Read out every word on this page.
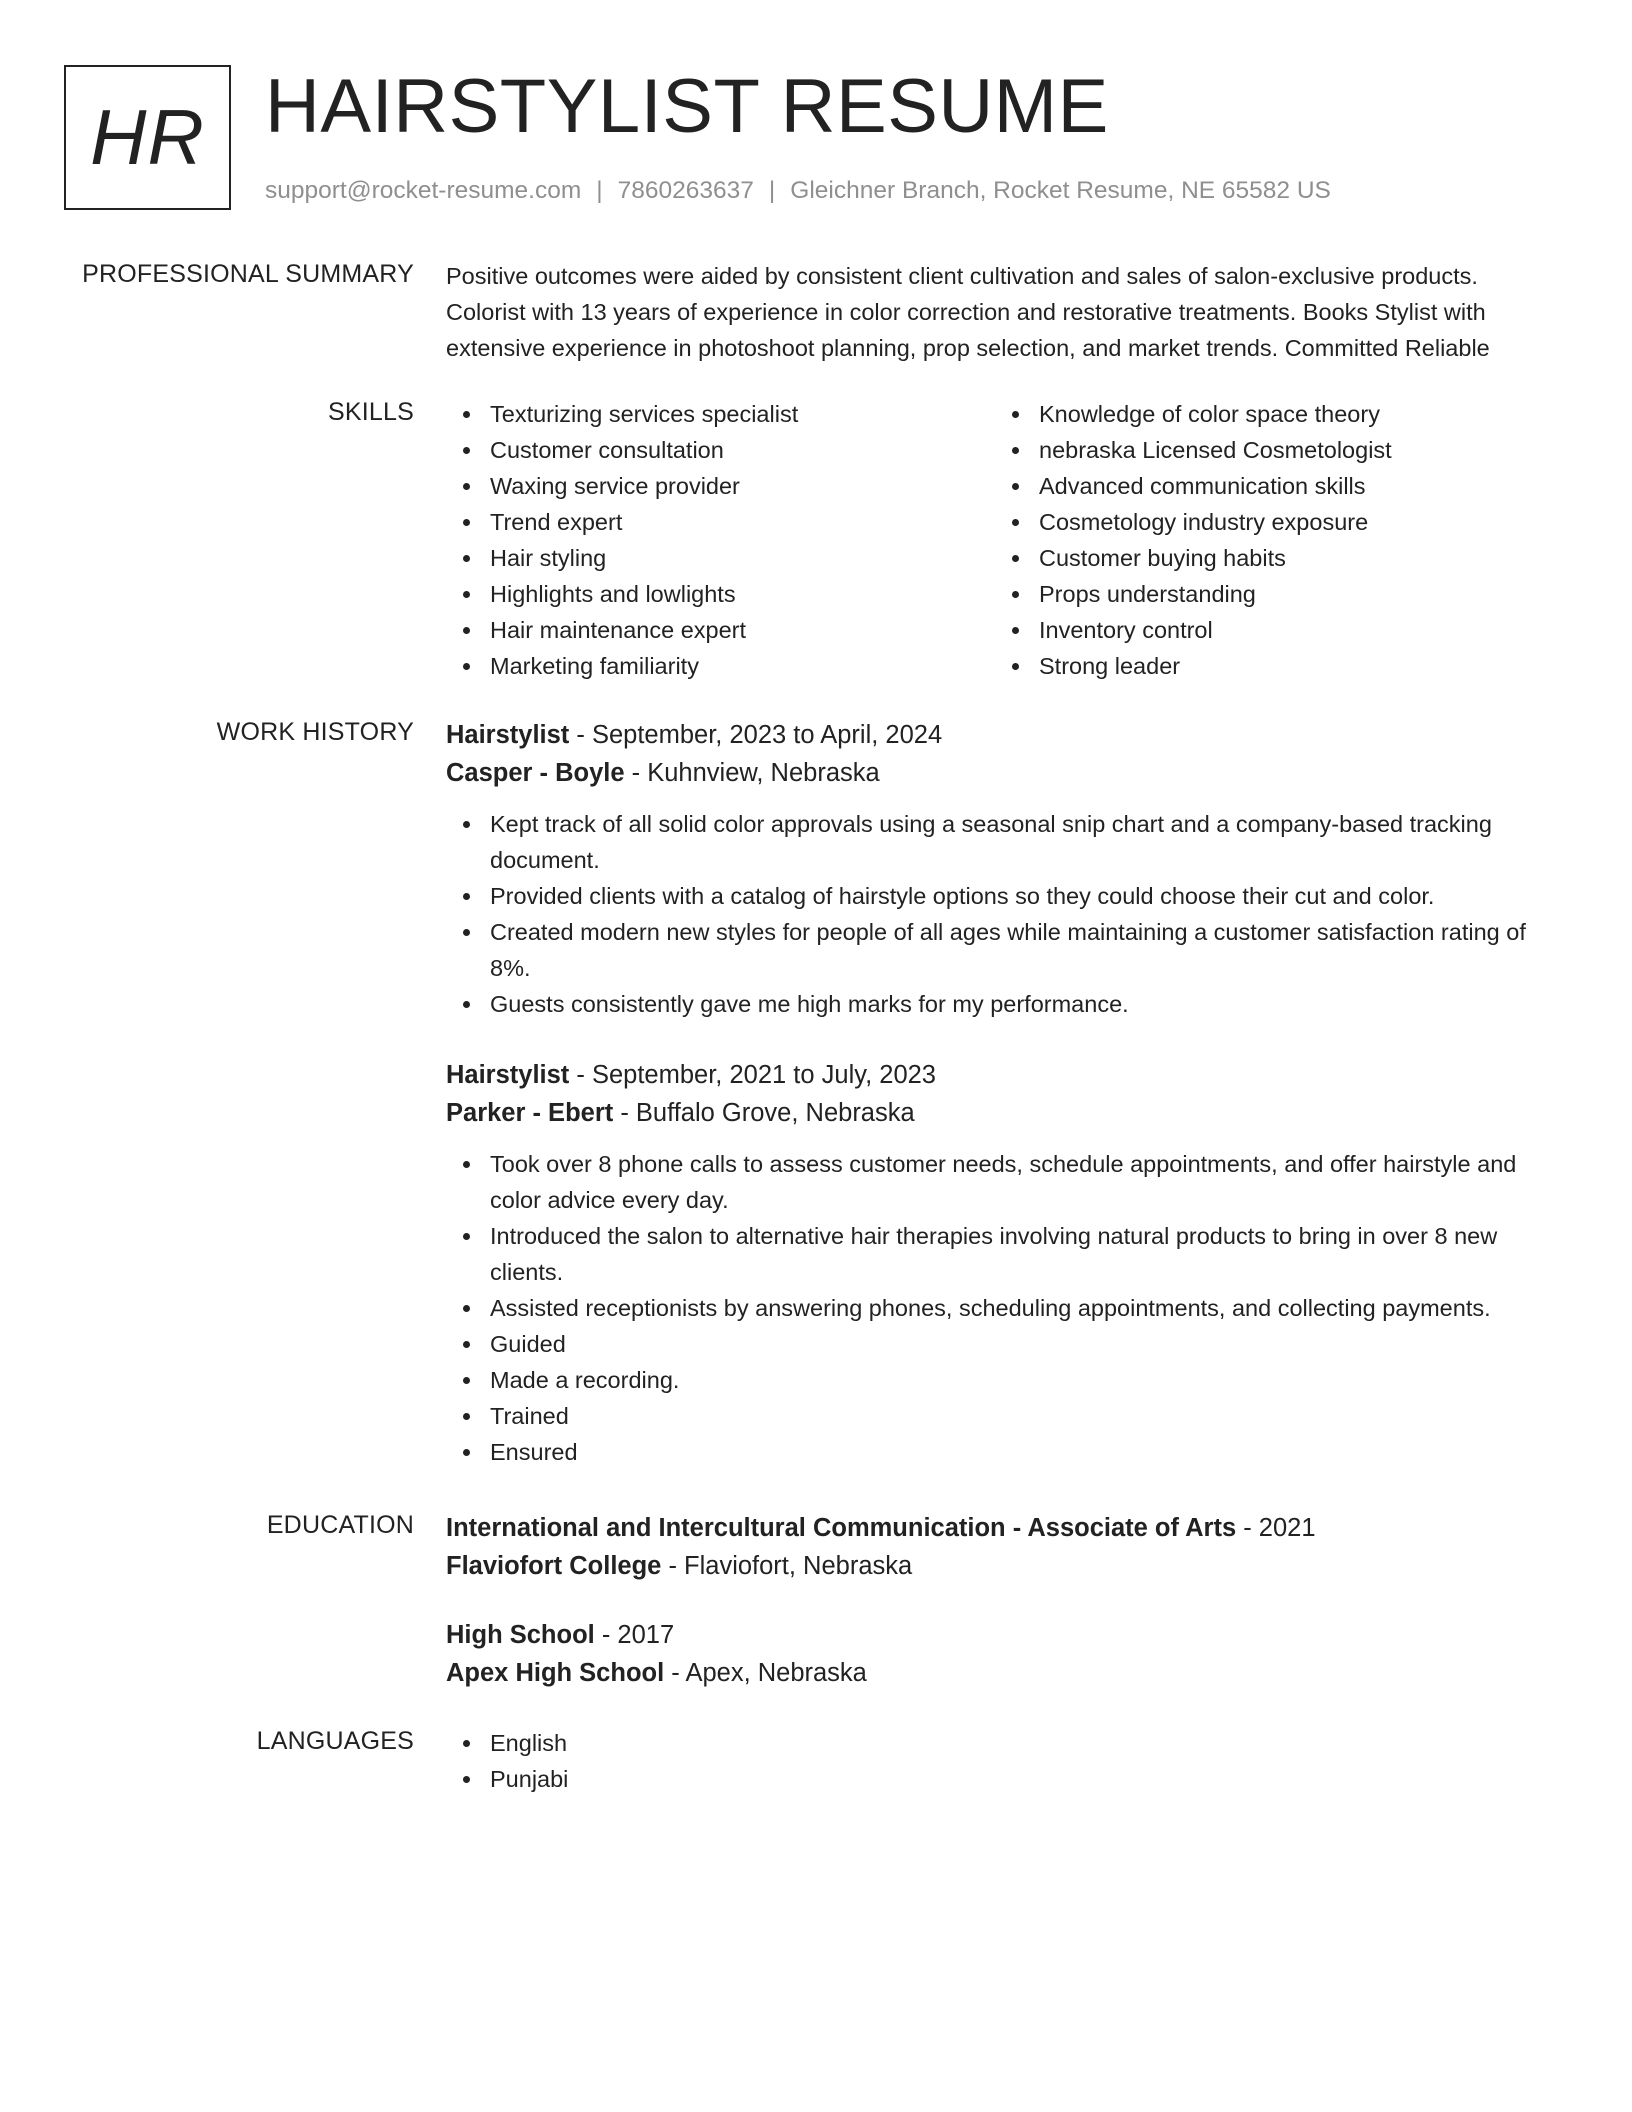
HR HAIRSTYLIST RESUME
support@rocket-resume.com | 7860263637 | Gleichner Branch, Rocket Resume, NE 65582 US
PROFESSIONAL SUMMARY Positive outcomes were aided by consistent client cultivation and sales of salon-exclusive products. Colorist with 13 years of experience in color correction and restorative treatments. Books Stylist with extensive experience in photoshoot planning, prop selection, and market trends. Committed Reliable
SKILLS	Texturizing services specialist
Customer consultation
Waxing service provider
Trend expert
Hair styling
Highlights and lowlights
Hair maintenance expert
Marketing familiarity
Knowledge of color space theory
nebraska Licensed Cosmetologist
Advanced communication skills
Cosmetology industry exposure
Customer buying habits
Props understanding
Inventory control
Strong leader
WORK HISTORY Hairstylist - September, 2023 to April, 2024
Casper - Boyle - Kuhnview, Nebraska
Kept track of all solid color approvals using a seasonal snip chart and a company-based tracking document.
Provided clients with a catalog of hairstyle options so they could choose their cut and color.
Created modern new styles for people of all ages while maintaining a customer satisfaction rating of 8%.
Guests consistently gave me high marks for my performance.
Hairstylist - September, 2021 to July, 2023
Parker - Ebert - Buffalo Grove, Nebraska
Took over 8 phone calls to assess customer needs, schedule appointments, and offer hairstyle and color advice every day.
Introduced the salon to alternative hair therapies involving natural products to bring in over 8 new clients.
Assisted receptionists by answering phones, scheduling appointments, and collecting payments.
Guided
Made a recording.
Trained
Ensured
EDUCATION International and Intercultural Communication - Associate of Arts - 2021
Flaviofort College - Flaviofort, Nebraska
High School - 2017
Apex High School - Apex, Nebraska
LANGUAGES	English
Punjabi
